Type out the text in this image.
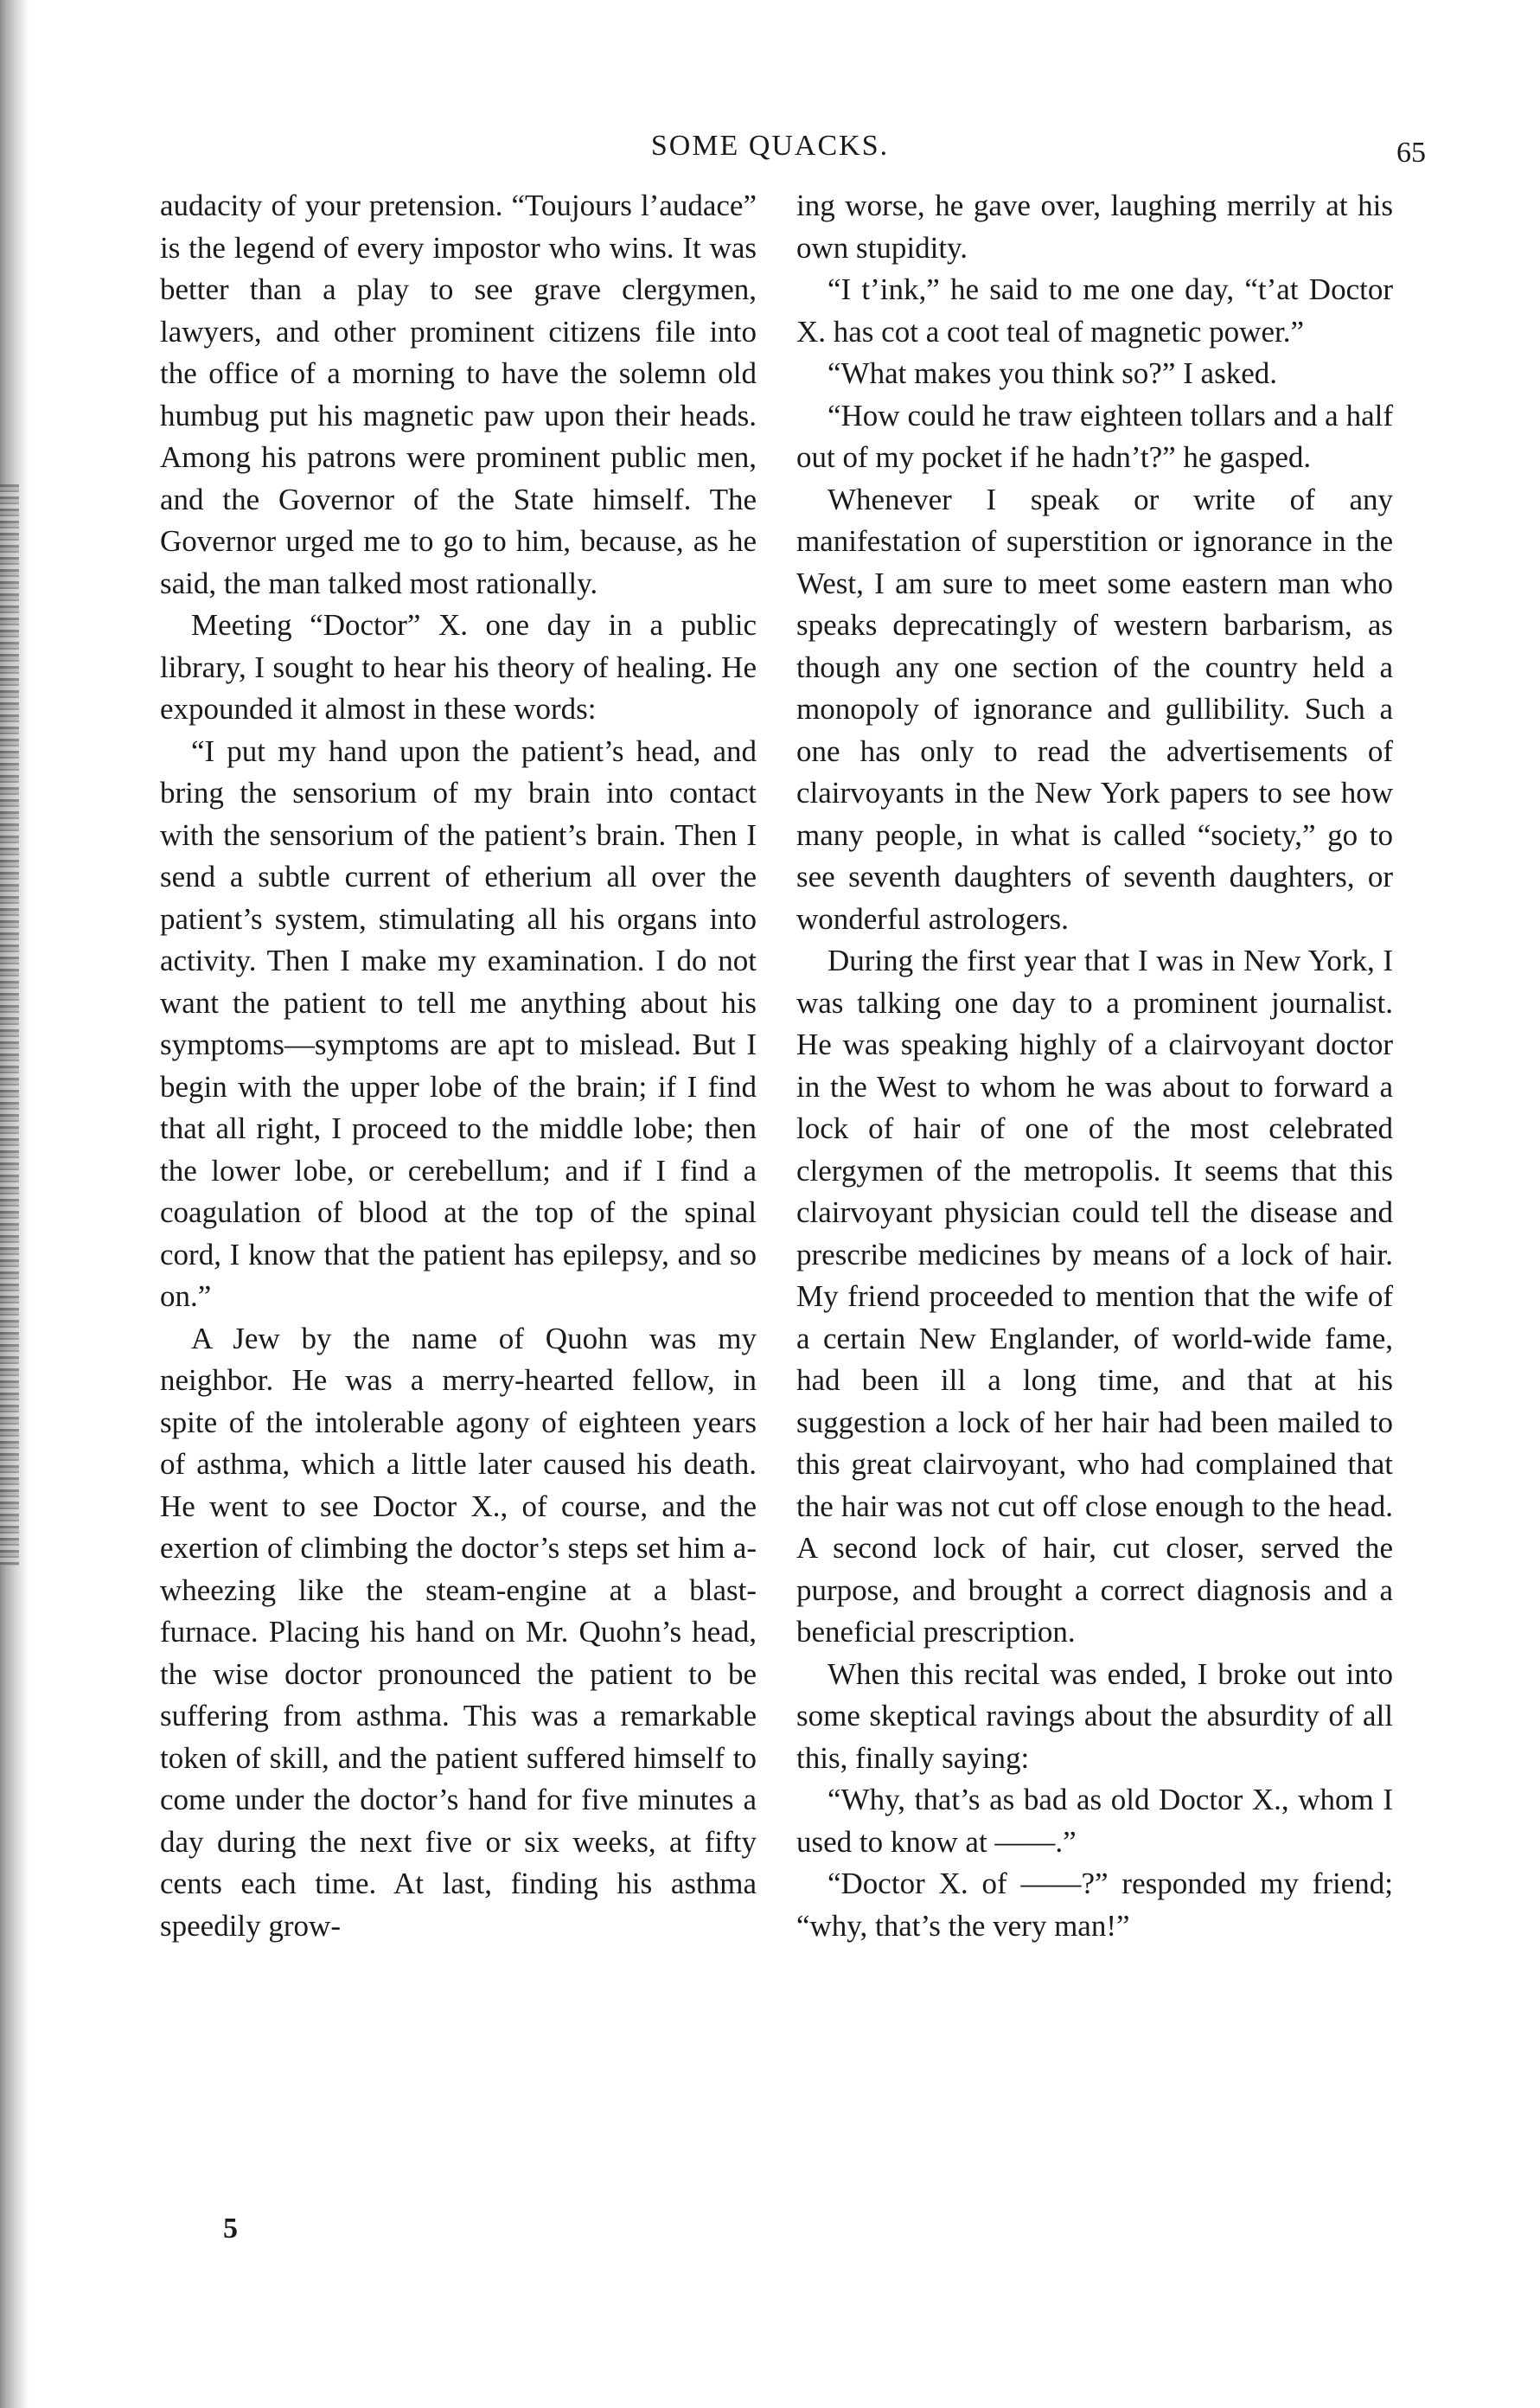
SOME QUACKS.	65

audacity of your pretension. “Toujours l’audace” is the legend of every impostor who wins. It was better than a play to see grave clergymen, lawyers, and other prominent citizens file into the office of a morning to have the solemn old humbug put his magnetic paw upon their heads. Among his patrons were prominent public men, and the Governor of the State himself. The Governor urged me to go to him, because, as he said, the man talked most rationally.

Meeting “Doctor” X. one day in a public library, I sought to hear his theory of healing. He expounded it almost in these words:

“I put my hand upon the patient’s head, and bring the sensorium of my brain into contact with the sensorium of the patient’s brain. Then I send a subtle current of etherium all over the patient’s system, stimulating all his organs into activity. Then I make my examination. I do not want the patient to tell me anything about his symptoms—symptoms are apt to mislead. But I begin with the upper lobe of the brain; if I find that all right, I proceed to the middle lobe; then the lower lobe, or cerebellum; and if I find a coagulation of blood at the top of the spinal cord, I know that the patient has epilepsy, and so on.”

A Jew by the name of Quohn was my neighbor. He was a merry-hearted fellow, in spite of the intolerable agony of eighteen years of asthma, which a little later caused his death. He went to see Doctor X., of course, and the exertion of climbing the doctor’s steps set him a-wheezing like the steam-engine at a blast-furnace. Placing his hand on Mr. Quohn’s head, the wise doctor pronounced the patient to be suffering from asthma. This was a remarkable token of skill, and the patient suffered himself to come under the doctor’s hand for five minutes a day during the next five or six weeks, at fifty cents each time. At last, finding his asthma speedily grow-

ing worse, he gave over, laughing merrily at his own stupidity.

“I t’ink,” he said to me one day, “t’at Doctor X. has cot a coot teal of magnetic power.”

“What makes you think so?” I asked.

“How could he traw eighteen tollars and a half out of my pocket if he hadn’t?” he gasped.

Whenever I speak or write of any manifestation of superstition or ignorance in the West, I am sure to meet some eastern man who speaks deprecatingly of western barbarism, as though any one section of the country held a monopoly of ignorance and gullibility. Such a one has only to read the advertisements of clairvoyants in the New York papers to see how many people, in what is called “society,” go to see seventh daughters of seventh daughters, or wonderful astrologers.

During the first year that I was in New York, I was talking one day to a prominent journalist. He was speaking highly of a clairvoyant doctor in the West to whom he was about to forward a lock of hair of one of the most celebrated clergymen of the metropolis. It seems that this clairvoyant physician could tell the disease and prescribe medicines by means of a lock of hair. My friend proceeded to mention that the wife of a certain New Englander, of world-wide fame, had been ill a long time, and that at his suggestion a lock of her hair had been mailed to this great clairvoyant, who had complained that the hair was not cut off close enough to the head. A second lock of hair, cut closer, served the purpose, and brought a correct diagnosis and a beneficial prescription.

When this recital was ended, I broke out into some skeptical ravings about the absurdity of all this, finally saying:

“Why, that’s as bad as old Doctor X., whom I used to know at ——.”

“Doctor X. of ——?” responded my friend; “why, that’s the very man!”

5
